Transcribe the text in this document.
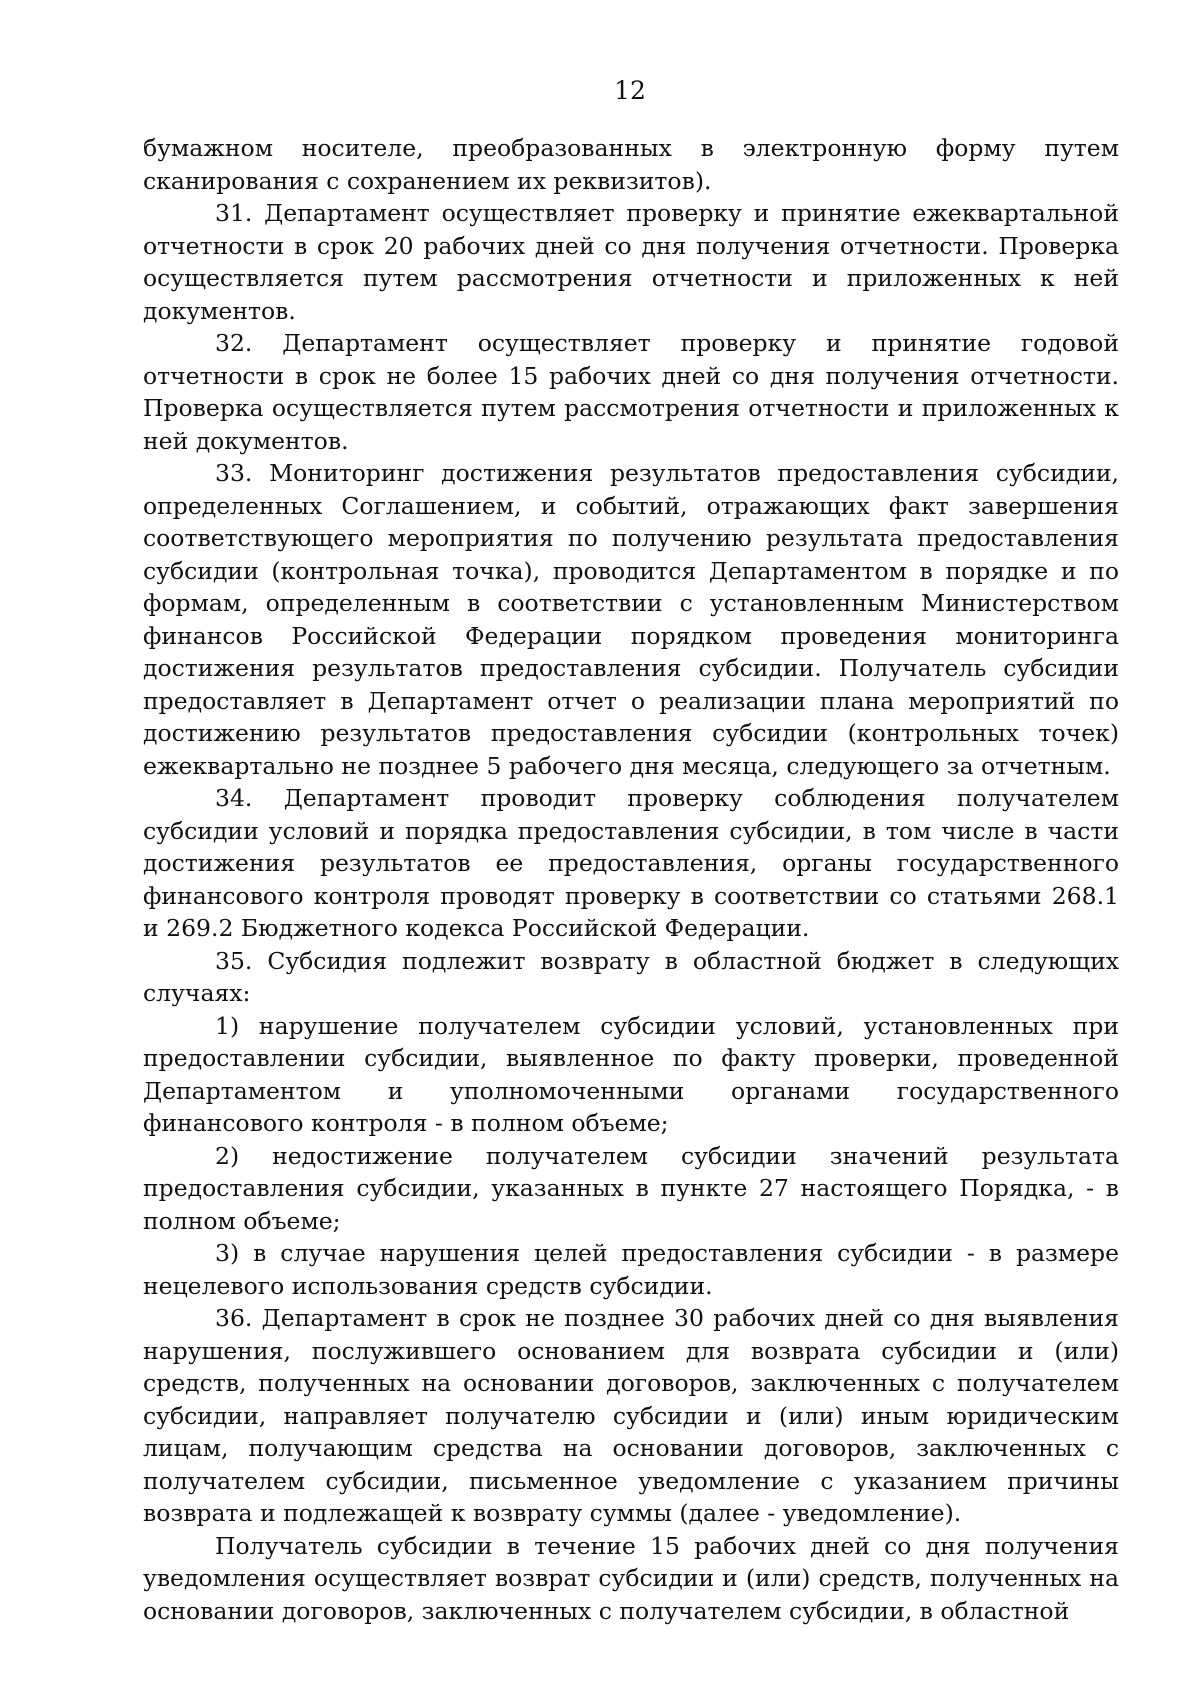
12

бумажном носителе, преобразованных в электронную форму путем сканирования с сохранением их реквизитов).

31. Департамент осуществляет проверку и принятие ежеквартальной отчетности в срок 20 рабочих дней со дня получения отчетности. Проверка осуществляется путем рассмотрения отчетности и приложенных к ней документов.

32. Департамент осуществляет проверку и принятие годовой отчетности в срок не более 15 рабочих дней со дня получения отчетности. Проверка осуществляется путем рассмотрения отчетности и приложенных к ней документов.

33. Мониторинг достижения результатов предоставления субсидии, определенных Соглашением, и событий, отражающих факт завершения соответствующего мероприятия по получению результата предоставления субсидии (контрольная точка), проводится Департаментом в порядке и по формам, определенным в соответствии с установленным Министерством финансов Российской Федерации порядком проведения мониторинга достижения результатов предоставления субсидии. Получатель субсидии предоставляет в Департамент отчет о реализации плана мероприятий по достижению результатов предоставления субсидии (контрольных точек) ежеквартально не позднее 5 рабочего дня месяца, следующего за отчетным.

34. Департамент проводит проверку соблюдения получателем субсидии условий и порядка предоставления субсидии, в том числе в части достижения результатов ее предоставления, органы государственного финансового контроля проводят проверку в соответствии со статьями 268.1 и 269.2 Бюджетного кодекса Российской Федерации.

35. Субсидия подлежит возврату в областной бюджет в следующих случаях:

1) нарушение получателем субсидии условий, установленных при предоставлении субсидии, выявленное по факту проверки, проведенной Департаментом и уполномоченными органами государственного финансового контроля - в полном объеме;

2) недостижение получателем субсидии значений результата предоставления субсидии, указанных в пункте 27 настоящего Порядка, - в полном объеме;

3) в случае нарушения целей предоставления субсидии - в размере нецелевого использования средств субсидии.

36. Департамент в срок не позднее 30 рабочих дней со дня выявления нарушения, послужившего основанием для возврата субсидии и (или) средств, полученных на основании договоров, заключенных с получателем субсидии, направляет получателю субсидии и (или) иным юридическим лицам, получающим средства на основании договоров, заключенных с получателем субсидии, письменное уведомление с указанием причины возврата и подлежащей к возврату суммы (далее - уведомление).

Получатель субсидии в течение 15 рабочих дней со дня получения уведомления осуществляет возврат субсидии и (или) средств, полученных на основании договоров, заключенных с получателем субсидии, в областной
